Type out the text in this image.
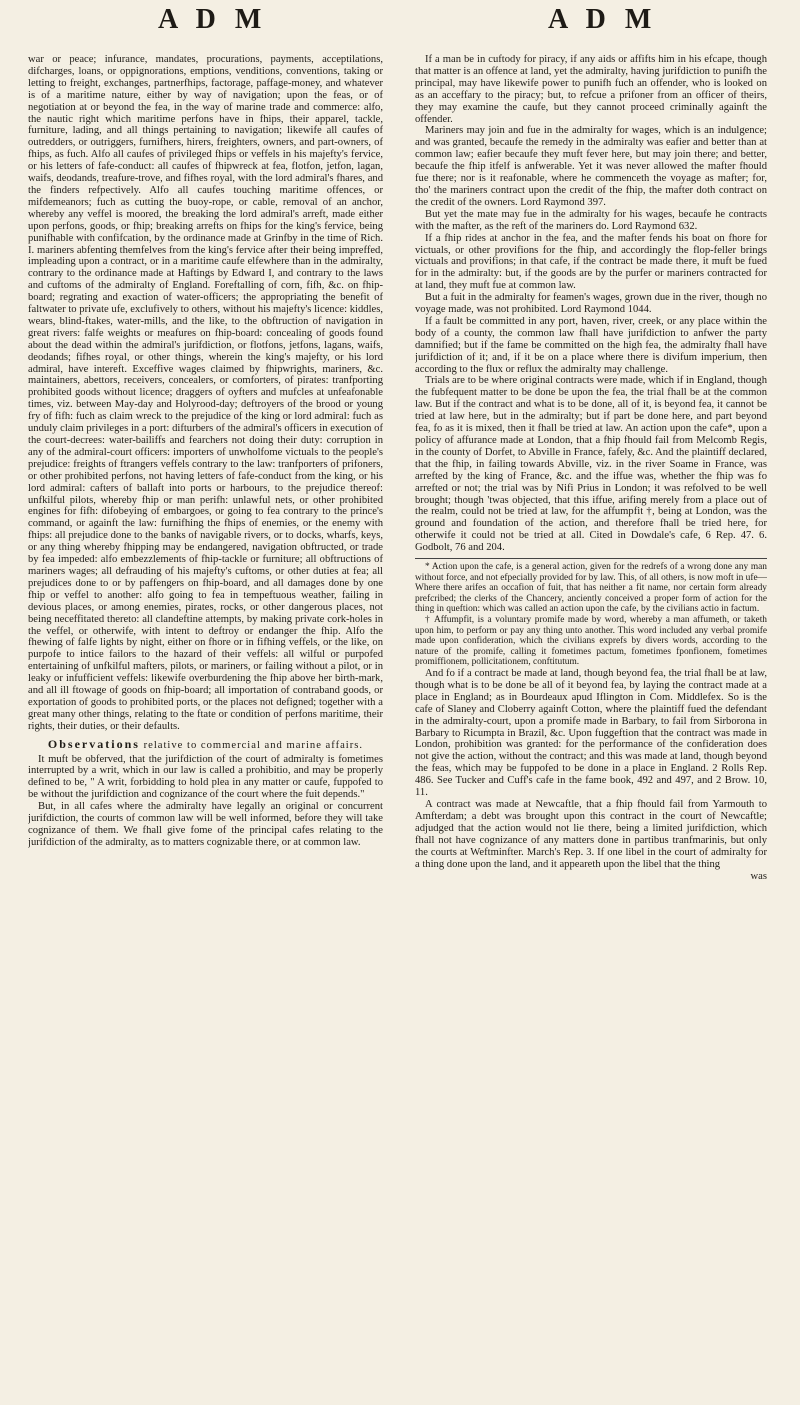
A D M	A D M

war or peace; infurance, mandates, procurations, payments, acceptilations, difcharges, loans, or oppignorations, emptions, venditions, conventions, taking or letting to freight, exchanges, partnerfhips, factorage, paffage-money, and whatever is of a maritime nature, either by way of navigation; upon the feas, or of negotiation at or beyond the fea, in the way of marine trade and commerce: alfo, the nautic right which maritime perfons have in fhips, their apparel, tackle, furniture, lading, and all things pertaining to navigation; likewife all caufes of outredders, or outriggers, furnifhers, hirers, freighters, owners, and part-owners, of fhips, as fuch. Alfo all caufes of privileged fhips or veffels in his majefty's fervice, or his letters of fafe-conduct: all caufes of fhipwreck at fea, flotfon, jetfon, lagan, waifs, deodands, treafure-trove, and fifhes royal, with the lord admiral's fhares, and the finders refpectively. Alfo all caufes touching maritime offences, or mifdemeanors; fuch as cutting the buoy-rope, or cable, removal of an anchor, whereby any veffel is moored, the breaking the lord admiral's arreft, made either upon perfons, goods, or fhip; breaking arrefts on fhips for the king's fervice, being punifhable with confifcation, by the ordinance made at Grinfby in the time of Rich. I. mariners abfenting themfelves from the king's fervice after their being impreffed, impleading upon a contract, or in a maritime caufe elfewhere than in the admiralty, contrary to the ordinance made at Haftings by Edward I, and contrary to the laws and cuftoms of the admiralty of England. Foreftalling of corn, fifh, &c. on fhip-board; regrating and exaction of water-officers; the appropriating the benefit of faltwater to private ufe, exclufively to others, without his majefty's licence: kiddles, wears, blind-ftakes, water-mills, and the like, to the obftruction of navigation in great rivers: falfe weights or meafures on fhip-board: concealing of goods found about the dead within the admiral's jurifdiction, or flotfons, jetfons, lagans, waifs, deodands; fifhes royal, or other things, wherein the king's majefty, or his lord admiral, have intereft. Exceffive wages claimed by fhipwrights, mariners, &c. maintainers, abettors, receivers, concealers, or comforters, of pirates: tranfporting prohibited goods without licence; draggers of oyfters and mufcles at unfeafonable times, viz. between May-day and Holyrood-day; deftroyers of the brood or young fry of fifh: fuch as claim wreck to the prejudice of the king or lord admiral: fuch as unduly claim privileges in a port: difturbers of the admiral's officers in execution of the court-decrees: water-bailiffs and fearchers not doing their duty: corruption in any of the admiral-court officers: importers of unwholfome victuals to the people's prejudice: freights of ftrangers veffels contrary to the law: tranfporters of prifoners, or other prohibited perfons, not having letters of fafe-conduct from the king, or his lord admiral: cafters of ballaft into ports or harbours, to the prejudice thereof: unfkilful pilots, whereby fhip or man perifh: unlawful nets, or other prohibited engines for fifh: difobeying of embargoes, or going to fea contrary to the prince's command, or againft the law: furnifhing the fhips of enemies, or the enemy with fhips: all prejudice done to the banks of navigable rivers, or to docks, wharfs, keys, or any thing whereby fhipping may be endangered, navigation obftructed, or trade by fea impeded: alfo embezzlements of fhip-tackle or furniture; all obftructions of mariners wages; all defrauding of his majefty's cuftoms, or other duties at fea; all prejudices done to or by paffengers on fhip-board, and all damages done by one fhip or veffel to another: alfo going to fea in tempeftuous weather, failing in devious places, or among enemies, pirates, rocks, or other dangerous places, not being neceffitated thereto: all clandeftine attempts, by making private cork-holes in the veffel, or otherwife, with intent to deftroy or endanger the fhip. Alfo the fhewing of falfe lights by night, either on fhore or in fifhing veffels, or the like, on purpofe to intice failors to the hazard of their veffels: all wilful or purpofed entertaining of unfkilful mafters, pilots, or mariners, or failing without a pilot, or in leaky or infufficient veffels: likewife overburdening the fhip above her birth-mark, and all ill ftowage of goods on fhip-board; all importation of contraband goods, or exportation of goods to prohibited ports, or the places not defigned; together with a great many other things, relating to the ftate or condition of perfons maritime, their rights, their duties, or their defaults.

Observations relative to commercial and marine affairs.

It muft be obferved, that the jurifdiction of the court of admiralty is fometimes interrupted by a writ, which in our law is called a prohibitio, and may be properly defined to be, " A writ, forbidding to hold plea in any matter or caufe, fuppofed to be without the jurifdiction and cognizance of the court where the fuit depends."

But, in all cafes where the admiralty have legally an original or concurrent jurifdiction, the courts of common law will be well informed, before they will take cognizance of them. We fhall give fome of the principal cafes relating to the jurifdiction of the admiralty, as to matters cognizable there, or at common law.

If a man be in cuftody for piracy, if any aids or affifts him in his efcape, though that matter is an offence at land, yet the admiralty, having jurifdiction to punifh the principal, may have likewife power to punifh fuch an offender, who is looked on as an acceffary to the piracy; but, to refcue a prifoner from an officer of theirs, they may examine the caufe, but they cannot proceed criminally againft the offender.

Mariners may join and fue in the admiralty for wages, which is an indulgence; and was granted, becaufe the remedy in the admiralty was eafier and better than at common law; eafier becaufe they muft fever here, but may join there; and better, becaufe the fhip itfelf is anfwerable. Yet it was never allowed the mafter fhould fue there; nor is it reafonable, where he commenceth the voyage as mafter; for, tho' the mariners contract upon the credit of the fhip, the mafter doth contract on the credit of the owners. Lord Raymond 397.

But yet the mate may fue in the admiralty for his wages, becaufe he contracts with the mafter, as the reft of the mariners do. Lord Raymond 632.

If a fhip rides at anchor in the fea, and the mafter fends his boat on fhore for victuals, or other provifions for the fhip, and accordingly the flop-feller brings victuals and provifions; in that cafe, if the contract be made there, it muft be fued for in the admiralty: but, if the goods are by the purfer or mariners contracted for at land, they muft fue at common law.

But a fuit in the admiralty for feamen's wages, grown due in the river, though no voyage made, was not prohibited. Lord Raymond 1044.

If a fault be committed in any port, haven, river, creek, or any place within the body of a county, the common law fhall have jurifdiction to anfwer the party damnified; but if the fame be committed on the high fea, the admiralty fhall have jurifdiction of it; and, if it be on a place where there is divifum imperium, then according to the flux or reflux the admiralty may challenge.

Trials are to be where original contracts were made, which if in England, though the fubfequent matter to be done be upon the fea, the trial fhall be at the common law. But if the contract and what is to be done, all of it, is beyond fea, it cannot be tried at law here, but in the admiralty; but if part be done here, and part beyond fea, fo as it is mixed, then it fhall be tried at law. An action upon the cafe*, upon a policy of affurance made at London, that a fhip fhould fail from Melcomb Regis, in the county of Dorfet, to Abville in France, fafely, &c. And the plaintiff declared, that the fhip, in failing towards Abville, viz. in the river Soame in France, was arrefted by the king of France, &c. and the iffue was, whether the fhip was fo arrefted or not; the trial was by Nifi Prius in London; it was refolved to be well brought; though 'twas objected, that this iffue, arifing merely from a place out of the realm, could not be tried at law, for the affumpfit †, being at London, was the ground and foundation of the action, and therefore fhall be tried here, for otherwife it could not be tried at all. Cited in Dowdale's cafe, 6 Rep. 47. 6. Godbolt, 76 and 204.

* Action upon the cafe, is a general action, given for the redrefs of a wrong done any man without force, and not efpecially provided for by law. This, of all others, is now moft in ufe—Where there arifes an occafion of fuit, that has neither a fit name, nor certain form already prefcribed; the clerks of the Chancery, anciently conceived a proper form of action for the thing in queftion: which was called an action upon the cafe, by the civilians actio in factum.

† Affumpfit, is a voluntary promife made by word, whereby a man affumeth, or taketh upon him, to perform or pay any thing unto another. This word included any verbal promife made upon confideration, which the civilians exprefs by divers words, according to the nature of the promife, calling it fometimes pactum, fometimes fponfionem, fometimes promiffionem, pollicitationem, conftitutum.

And fo if a contract be made at land, though beyond fea, the trial fhall be at law, though what is to be done be all of it beyond fea, by laying the contract made at a place in England; as in Bourdeaux apud Iflington in Com. Middlefex. So is the cafe of Slaney and Cloberry againft Cotton, where the plaintiff fued the defendant in the admiralty-court, upon a promife made in Barbary, to fail from Sirborona in Barbary to Ricumpta in Brazil, &c. Upon fuggeftion that the contract was made in London, prohibition was granted: for the performance of the confideration does not give the action, without the contract; and this was made at land, though beyond the feas, which may be fuppofed to be done in a place in England. 2 Rolls Rep. 486. See Tucker and Cuff's cafe in the fame book, 492 and 497, and 2 Brow. 10, 11.

A contract was made at Newcaftle, that a fhip fhould fail from Yarmouth to Amfterdam; a debt was brought upon this contract in the court of Newcaftle; adjudged that the action would not lie there, being a limited jurifdiction, which fhall not have cognizance of any matters done in partibus tranfmarinis, but only the courts at Weftminfter. March's Rep. 3. If one libel in the court of admiralty for a thing done upon the land, and it appeareth upon the libel that the thing

was
